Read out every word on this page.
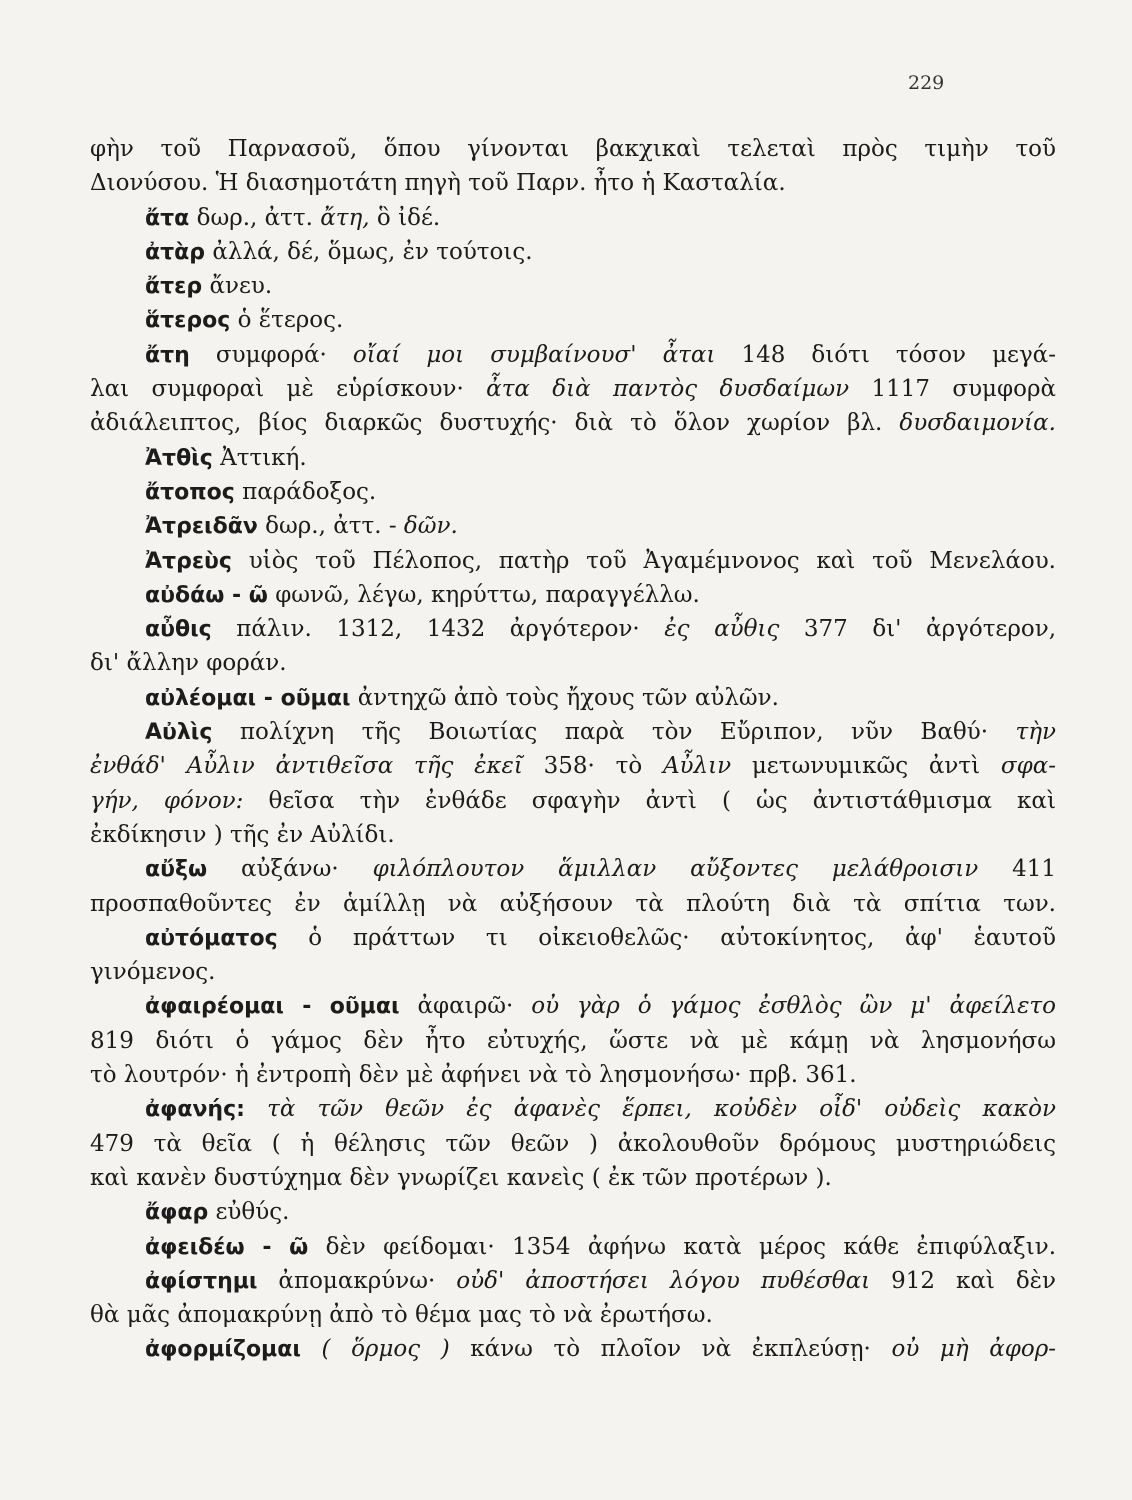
229
φὴν τοῦ Παρνασοῦ, ὅπου γίνονται βακχικαὶ τελεταὶ πρὸς τιμὴν τοῦ
Διονύσου. Ἡ διασημοτάτη πηγὴ τοῦ Παρν. ἦτο ἡ Κασταλία.
ἄτα δωρ., ἀττ. ἄτη, ὃ ἰδέ.
ἀτὰρ ἀλλά, δέ, ὅμως, ἐν τούτοις.
ἄτερ ἄνευ.
ἅτερος ὁ ἕτερος.
ἄτη συμφορά· οἴαί μοι συμβαίνουσ' ἆται 148 διότι τόσον μεγά-
λαι συμφοραὶ μὲ εὑρίσκουν· ἆτα διὰ παντὸς δυσδαίμων 1117 συμφορὰ
ἀδιάλειπτος, βίος διαρκῶς δυστυχής· διὰ τὸ ὅλον χωρίον βλ. δυσδαιμονία.
Ἀτθὶς Ἀττική.
ἄτοπος παράδοξος.
Ἀτρειδᾶν δωρ., ἀττ. - δῶν.
Ἀτρεὺς υἱὸς τοῦ Πέλοπος, πατὴρ τοῦ Ἀγαμέμνονος καὶ τοῦ Μενελάου.
αὐδάω - ῶ φωνῶ, λέγω, κηρύττω, παραγγέλλω.
αὖθις πάλιν. 1312, 1432 ἀργότερον· ἐς αὖθις 377 δι' ἀργότερον,
δι' ἄλλην φοράν.
αὐλέομαι - οῦμαι ἀντηχῶ ἀπὸ τοὺς ἤχους τῶν αὐλῶν.
Αὐλὶς πολίχνη τῆς Βοιωτίας παρὰ τὸν Εὔριπον, νῦν Βαθύ· τὴν
ἐνθάδ' Αὖλιν ἀντιθεῖσα τῆς ἐκεῖ 358· τὸ Αὖλιν μετωνυμικῶς ἀντὶ σφα-
γήν, φόνον: θεῖσα τὴν ἐνθάδε σφαγὴν ἀντὶ ( ὡς ἀντιστάθμισμα καὶ
ἐκδίκησιν ) τῆς ἐν Αὐλίδι.
αὔξω αὐξάνω· φιλόπλουτον ἅμιλλαν αὔξοντες μελάθροισιν 411
προσπαθοῦντες ἐν ἁμίλλῃ νὰ αὐξήσουν τὰ πλούτη διὰ τὰ σπίτια των.
αὐτόματος ὁ πράττων τι οἰκειοθελῶς· αὐτοκίνητος, ἀφ' ἑαυτοῦ
γινόμενος.
ἀφαιρέομαι - οῦμαι ἀφαιρῶ· οὐ γὰρ ὁ γάμος ἐσθλὸς ὢν μ' ἀφείλετο
819 διότι ὁ γάμος δὲν ἦτο εὐτυχής, ὥστε νὰ μὲ κάμῃ νὰ λησμονήσω
τὸ λουτρόν· ἡ ἐντροπὴ δὲν μὲ ἀφήνει νὰ τὸ λησμονήσω· πρβ. 361.
ἀφανής: τὰ τῶν θεῶν ἐς ἀφανὲς ἕρπει, κοὐδὲν οἶδ' οὐδεὶς κακὸν
479 τὰ θεῖα ( ἡ θέλησις τῶν θεῶν ) ἀκολουθοῦν δρόμους μυστηριώδεις
καὶ κανὲν δυστύχημα δὲν γνωρίζει κανεὶς ( ἐκ τῶν προτέρων ).
ἄφαρ εὐθύς.
ἀφειδέω - ῶ δὲν φείδομαι· 1354 ἀφήνω κατὰ μέρος κάθε ἐπιφύλαξιν.
ἀφίστημι ἀπομακρύνω· οὐδ' ἀποστήσει λόγου πυθέσθαι 912 καὶ δὲν
θὰ μᾶς ἀπομακρύνῃ ἀπὸ τὸ θέμα μας τὸ νὰ ἐρωτήσω.
ἀφορμίζομαι ( ὅρμος ) κάνω τὸ πλοῖον νὰ ἐκπλεύσῃ· οὐ μὴ ἀφορ-
